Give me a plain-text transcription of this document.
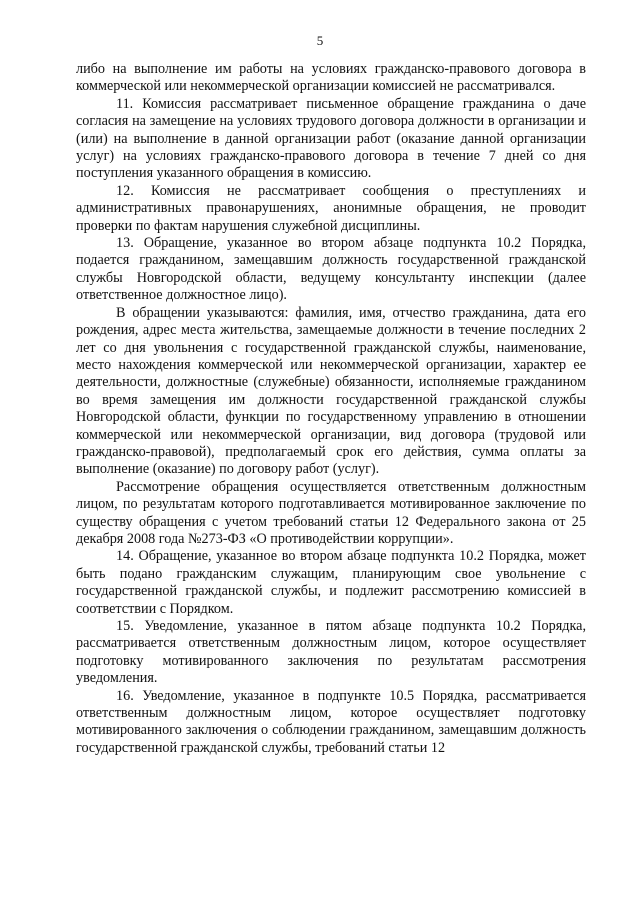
5

либо на выполнение им работы на условиях гражданско-правового договора в коммерческой или некоммерческой организации комиссией не рассматривался.

11. Комиссия рассматривает письменное обращение гражданина о даче согласия на замещение на условиях трудового договора должности в организации и (или) на выполнение в данной организации работ (оказание данной организации услуг) на условиях гражданско-правового договора в течение 7 дней со дня поступления указанного обращения в комиссию.

12. Комиссия не рассматривает сообщения о преступлениях и административных правонарушениях, анонимные обращения, не проводит проверки по фактам нарушения служебной дисциплины.

13. Обращение, указанное во втором абзаце подпункта 10.2 Порядка, подается гражданином, замещавшим должность государственной гражданской службы Новгородской области, ведущему консультанту инспекции (далее ответственное должностное лицо).

В обращении указываются: фамилия, имя, отчество гражданина, дата его рождения, адрес места жительства, замещаемые должности в течение последних 2 лет со дня увольнения с государственной гражданской службы, наименование, место нахождения коммерческой или некоммерческой организации, характер ее деятельности, должностные (служебные) обязанности, исполняемые гражданином во время замещения им должности государственной гражданской службы Новгородской области, функции по государственному управлению в отношении коммерческой или некоммерческой организации, вид договора (трудовой или гражданско-правовой), предполагаемый срок его действия, сумма оплаты за выполнение (оказание) по договору работ (услуг).

Рассмотрение обращения осуществляется ответственным должностным лицом, по результатам которого подготавливается мотивированное заключение по существу обращения с учетом требований статьи 12 Федерального закона от 25 декабря 2008 года №273-ФЗ «О противодействии коррупции».

14. Обращение, указанное во втором абзаце подпункта 10.2 Порядка, может быть подано гражданским служащим, планирующим свое увольнение с государственной гражданской службы, и подлежит рассмотрению комиссией в соответствии с Порядком.

15. Уведомление, указанное в пятом абзаце подпункта 10.2 Порядка, рассматривается ответственным должностным лицом, которое осуществляет подготовку мотивированного заключения по результатам рассмотрения уведомления.

16. Уведомление, указанное в подпункте 10.5 Порядка, рассматривается ответственным должностным лицом, которое осуществляет подготовку мотивированного заключения о соблюдении гражданином, замещавшим должность государственной гражданской службы, требований статьи 12
